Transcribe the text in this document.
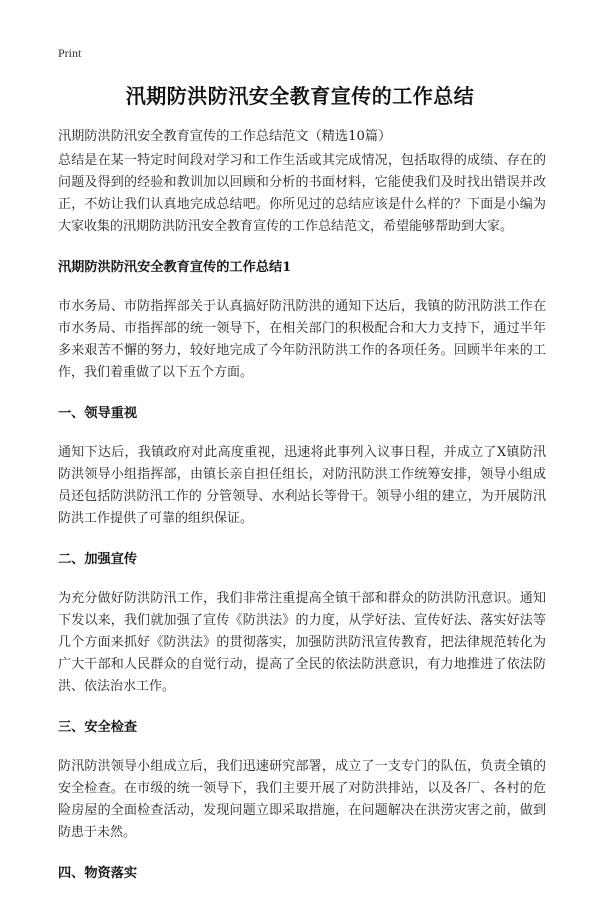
Print
汛期防洪防汛安全教育宣传的工作总结
汛期防洪防汛安全教育宣传的工作总结范文（精选10篇）

总结是在某一特定时间段对学习和工作生活或其完成情况，包括取得的成绩、存在的问题及得到的经验和教训加以回顾和分析的书面材料，它能使我们及时找出错误并改正，不妨让我们认真地完成总结吧。你所见过的总结应该是什么样的？下面是小编为大家收集的汛期防洪防汛安全教育宣传的工作总结范文，希望能够帮助到大家。

汛期防洪防汛安全教育宣传的工作总结1

市水务局、市防指挥部关于认真搞好防汛防洪的通知下达后，我镇的防汛防洪工作在市水务局、市指挥部的统一领导下，在相关部门的积极配合和大力支持下，通过半年多来艰苦不懈的努力，较好地完成了今年防汛防洪工作的各项任务。回顾半年来的工作，我们着重做了以下五个方面。

一、领导重视

通知下达后，我镇政府对此高度重视，迅速将此事列入议事日程，并成立了X镇防汛防洪领导小组指挥部，由镇长亲自担任组长，对防汛防洪工作统筹安排，领导小组成员还包括防洪防汛工作的 分管领导、水利站长等骨干。领导小组的建立，为开展防汛防洪工作提供了可靠的组织保证。

二、加强宣传

为充分做好防洪防汛工作，我们非常注重提高全镇干部和群众的防洪防汛意识。通知下发以来，我们就加强了宣传《防洪法》的力度，从学好法、宣传好法、落实好法等几个方面来抓好《防洪法》的贯彻落实，加强防洪防汛宣传教育，把法律规范转化为广大干部和人民群众的自觉行动，提高了全民的依法防洪意识，有力地推进了依法防洪、依法治水工作。

三、安全检查

防汛防洪领导小组成立后，我们迅速研究部署，成立了一支专门的队伍，负责全镇的安全检查。在市级的统一领导下，我们主要开展了对防洪排站，以及各厂、各村的危险房屋的全面检查活动，发现问题立即采取措施，在问题解决在洪涝灾害之前，做到防患于未然。

四、物资落实
